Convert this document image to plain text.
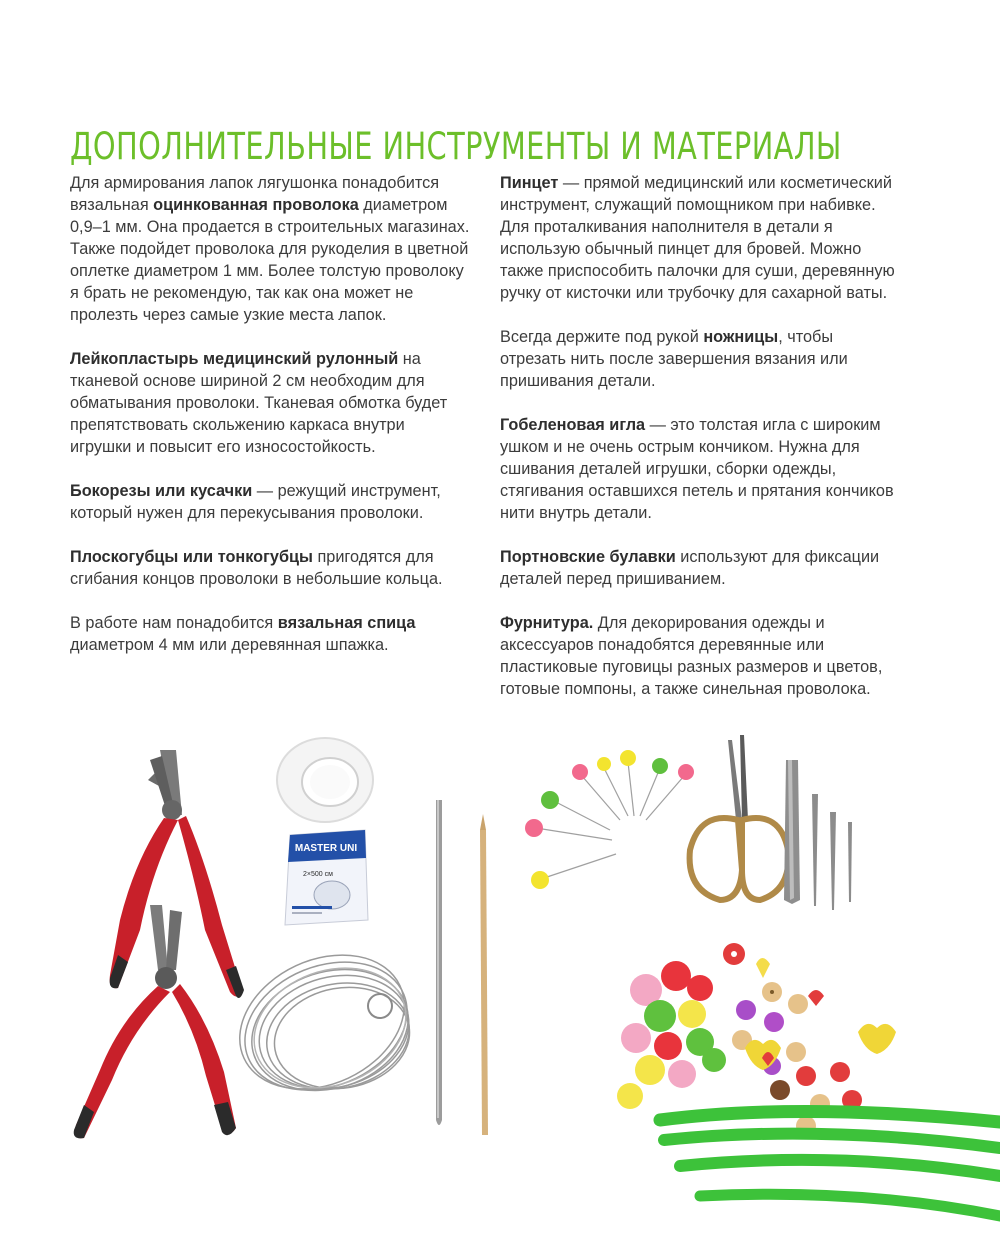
ДОПОЛНИТЕЛЬНЫЕ ИНСТРУМЕНТЫ И МАТЕРИАЛЫ

Для армирования лапок лягушонка понадобится вязальная оцинкованная проволока диаметром 0,9–1 мм. Она продается в строительных магазинах. Также подойдет проволока для рукоделия в цветной оплетке диаметром 1 мм. Более толстую проволоку я брать не рекомендую, так как она может не пролезть через самые узкие места лапок.

Лейкопластырь медицинский рулонный на тканевой основе шириной 2 см необходим для обматывания проволоки. Тканевая обмотка будет препятствовать скольжению каркаса внутри игрушки и повысит его износостойкость.

Бокорезы или кусачки — режущий инструмент, который нужен для перекусывания проволоки.

Плоскогубцы или тонкогубцы пригодятся для сгибания концов проволоки в небольшие кольца.

В работе нам понадобится вязальная спица диаметром 4 мм или деревянная шпажка.

Пинцет — прямой медицинский или косметический инструмент, служащий помощником при набивке. Для проталкивания наполнителя в детали я использую обычный пинцет для бровей. Можно также приспособить палочки для суши, деревянную ручку от кисточки или трубочку для сахарной ваты.

Всегда держите под рукой ножницы, чтобы отрезать нить после завершения вязания или пришивания детали.

Гобеленовая игла — это толстая игла с широким ушком и не очень острым кончиком. Нужна для сшивания деталей игрушки, сборки одежды, стягивания оставшихся петель и прятания кончиков нити внутрь детали.

Портновские булавки используют для фиксации деталей перед пришиванием.

Фурнитура. Для декорирования одежды и аксессуаров понадобятся деревянные или пластиковые пуговицы разных размеров и цветов, готовые помпоны, а также синельная проволока.

MASTER UNI
2×500 см
